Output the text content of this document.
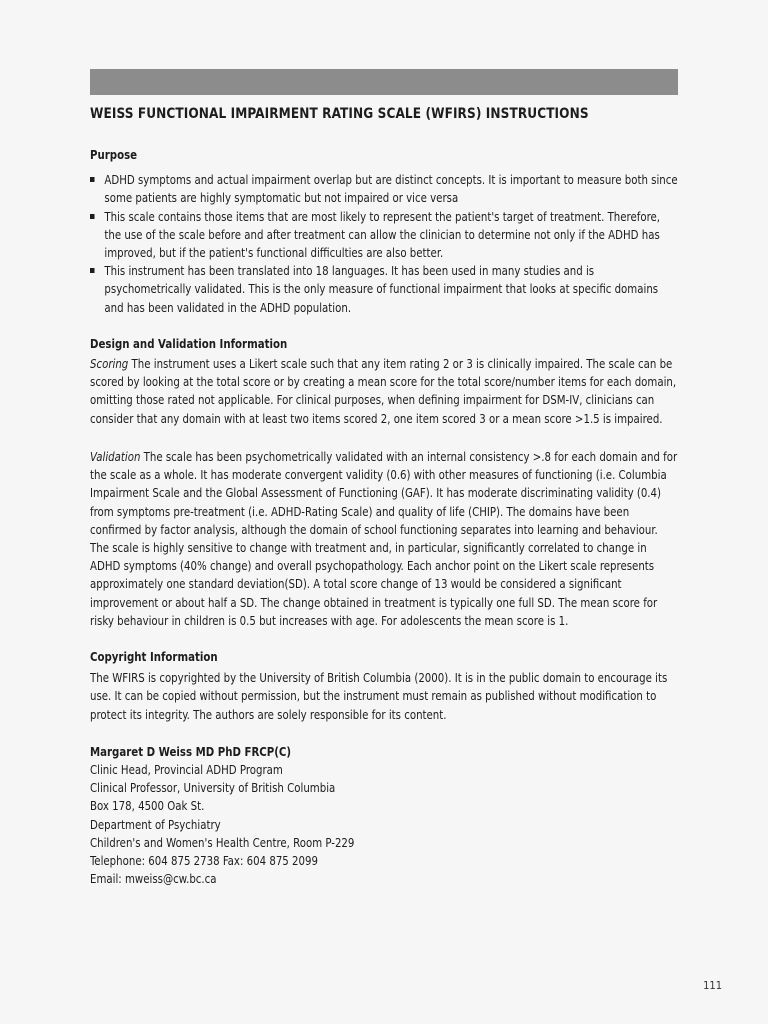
WEISS FUNCTIONAL IMPAIRMENT RATING SCALE (WFIRS) INSTRUCTIONS
Purpose
ADHD symptoms and actual impairment overlap but are distinct concepts. It is important to measure both since some patients are highly symptomatic but not impaired or vice versa
This scale contains those items that are most likely to represent the patient's target of treatment. Therefore, the use of the scale before and after treatment can allow the clinician to determine not only if the ADHD has improved, but if the patient's functional difficulties are also better.
This instrument has been translated into 18 languages. It has been used in many studies and is psychometrically validated. This is the only measure of functional impairment that looks at specific domains and has been validated in the ADHD population.
Design and Validation Information

Scoring The instrument uses a Likert scale such that any item rating 2 or 3 is clinically impaired. The scale can be scored by looking at the total score or by creating a mean score for the total score/number items for each domain, omitting those rated not applicable. For clinical purposes, when defining impairment for DSM-IV, clinicians can consider that any domain with at least two items scored 2, one item scored 3 or a mean score >1.5 is impaired.

Validation The scale has been psychometrically validated with an internal consistency >.8 for each domain and for the scale as a whole. It has moderate convergent validity (0.6) with other measures of functioning (i.e. Columbia Impairment Scale and the Global Assessment of Functioning (GAF). It has moderate discriminating validity (0.4) from symptoms pre-treatment (i.e. ADHD-Rating Scale) and quality of life (CHIP). The domains have been confirmed by factor analysis, although the domain of school functioning separates into learning and behaviour. The scale is highly sensitive to change with treatment and, in particular, significantly correlated to change in ADHD symptoms (40% change) and overall psychopathology. Each anchor point on the Likert scale represents approximately one standard deviation(SD). A total score change of 13 would be considered a significant improvement or about half a SD. The change obtained in treatment is typically one full SD. The mean score for risky behaviour in children is 0.5 but increases with age. For adolescents the mean score is 1.

Copyright Information

The WFIRS is copyrighted by the University of British Columbia (2000). It is in the public domain to encourage its use. It can be copied without permission, but the instrument must remain as published without modification to protect its integrity. The authors are solely responsible for its content.

Margaret D Weiss MD PhD FRCP(C)
Clinic Head, Provincial ADHD Program
Clinical Professor, University of British Columbia
Box 178, 4500 Oak St.
Department of Psychiatry
Children's and Women's Health Centre, Room P-229
Telephone: 604 875 2738 Fax: 604 875 2099
Email: mweiss@cw.bc.ca
111
